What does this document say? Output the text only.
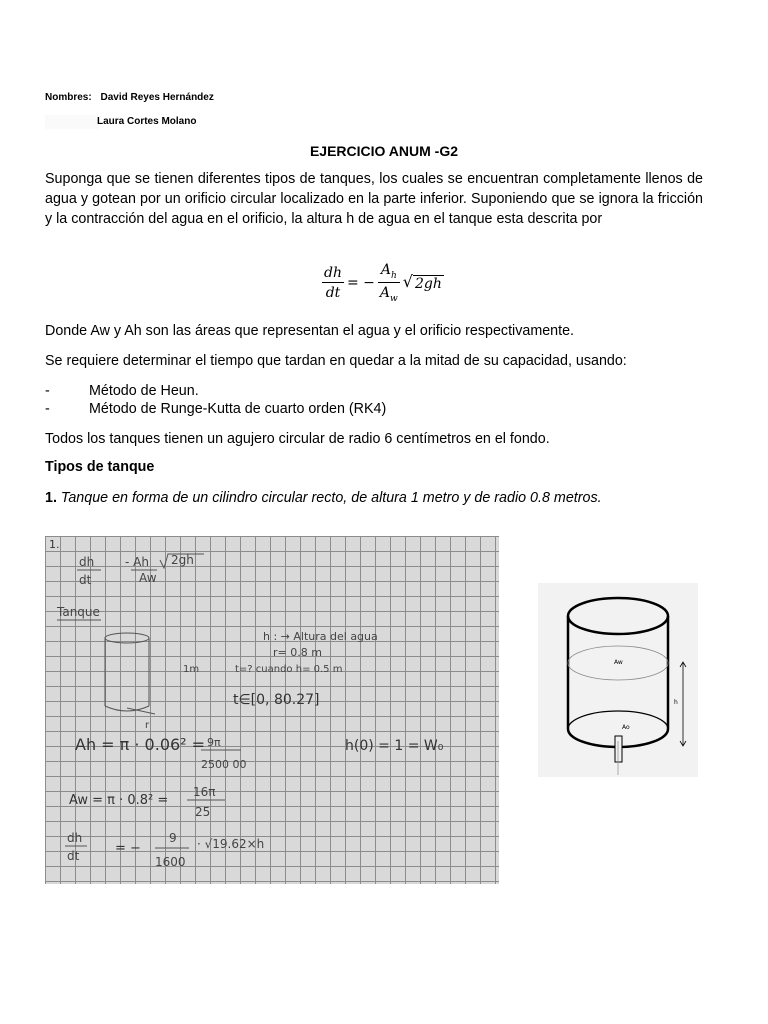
Nombres: David Reyes Hernández
Laura Cortes Molano
EJERCICIO ANUM -G2
Suponga que se tienen diferentes tipos de tanques, los cuales se encuentran completamente llenos de agua y gotean por un orificio circular localizado en la parte inferior. Suponiendo que se ignora la fricción y la contracción del agua en el orificio, la altura h de agua en el tanque esta descrita por
$\frac{dh}{dt}$ = − $\frac{A_h}{A_w}$ √ 2gh
Donde Aw y Ah son las áreas que representan el agua y el orificio respectivamente.
Se requiere determinar el tiempo que tardan en quedar a la mitad de su capacidad, usando:
-	Método de Heun.
-	Método de Runge-Kutta de cuarto orden (RK4)
Todos los tanques tienen un agujero circular de radio 6 centímetros en el fondo.
Tipos de tanque
1. Tanque en forma de un cilindro circular recto, de altura 1 metro y de radio 0.8 metros.
1.
dh
dt
- Ah
Aw
2gh
Tanque
h : → Altura del agua
r= 0.8 m
1m	t=? cuando h= 0.5 m
t∈[0, 80.27]
r
Ah = π · 0.06² = 9π
2500 00
h(0) = 1 = W₀
Aw = π · 0.8² =
16π
25
dh
dt	= −
9
1600
· √19.62×h
Aw
Ao
h
